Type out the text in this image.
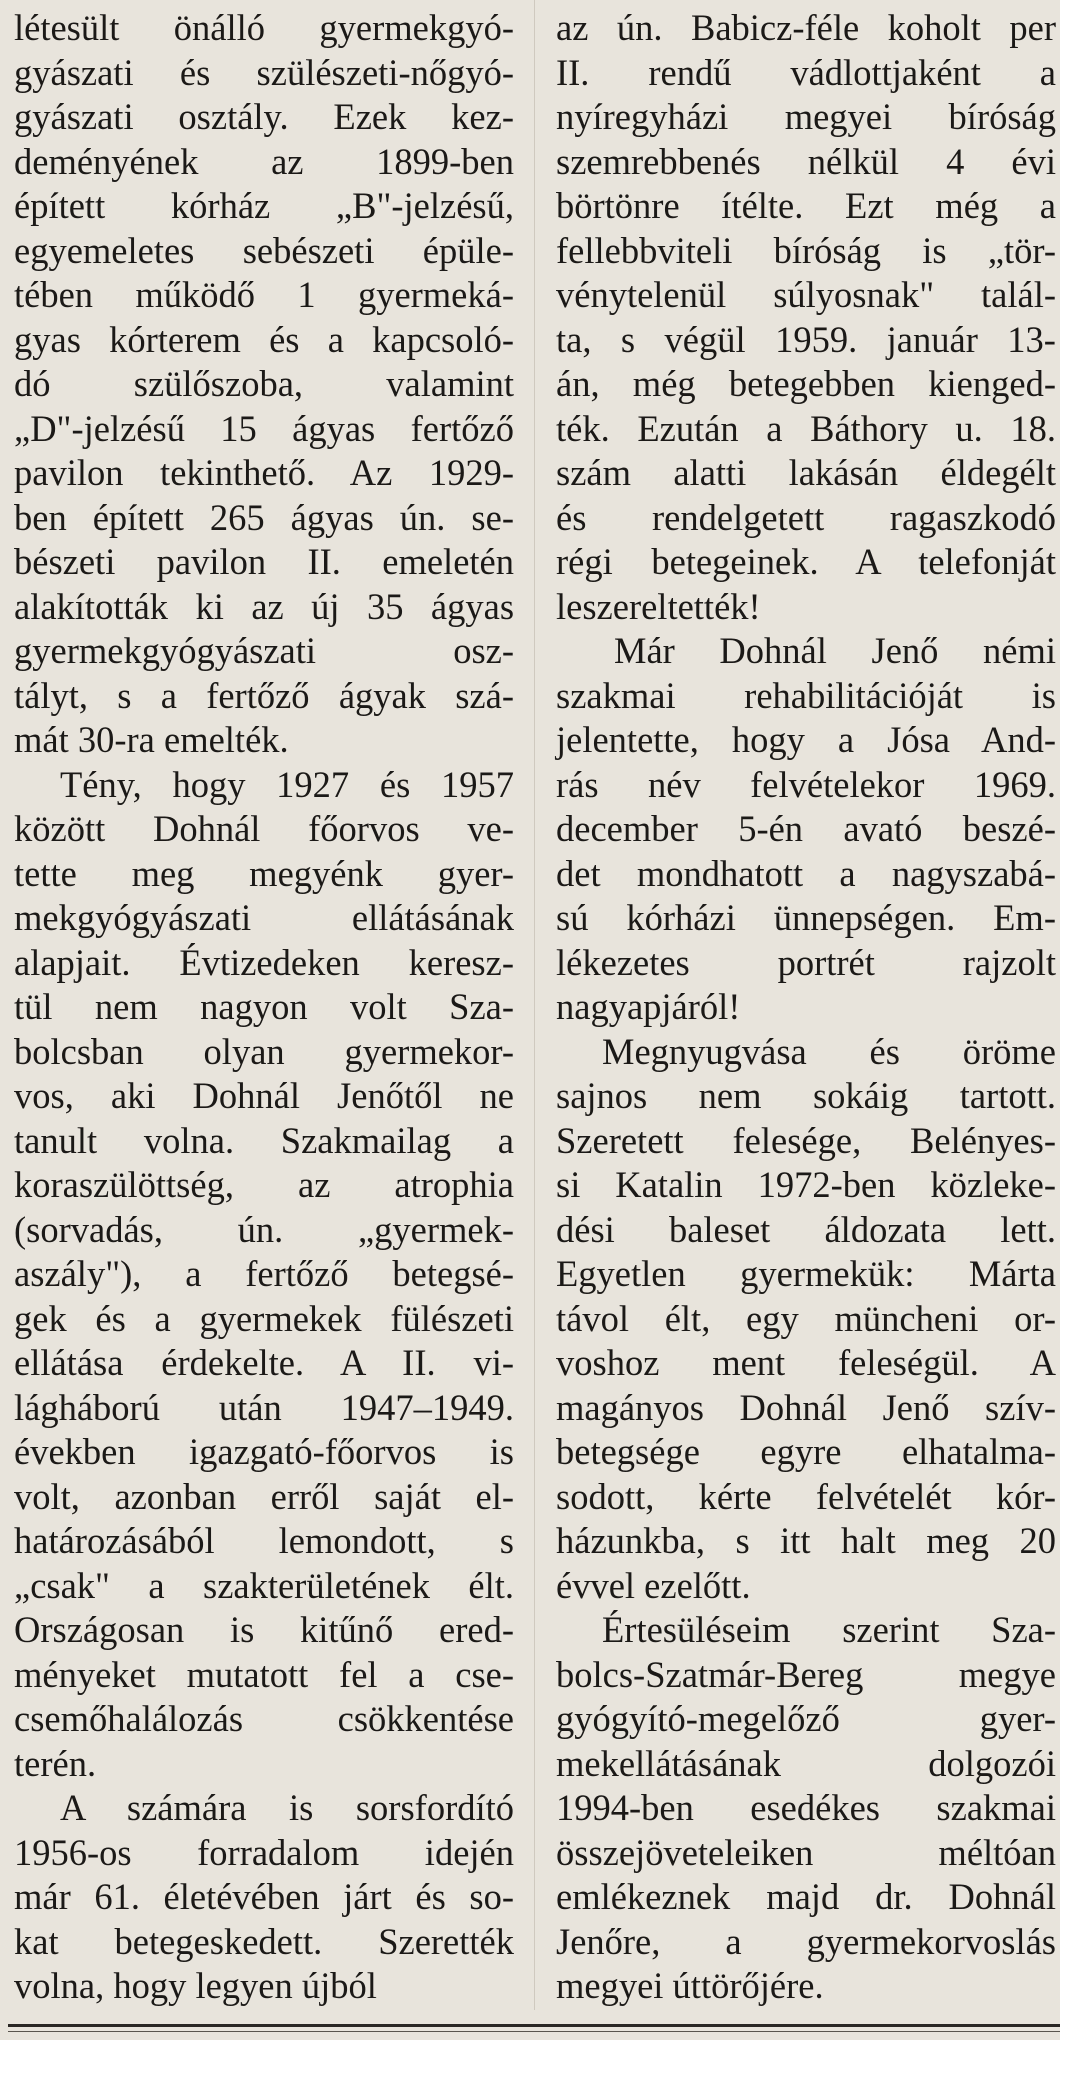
létesült önálló gyermekgyó-
gyászati és szülészeti-nőgyó-
gyászati osztály. Ezek kez-
deményének az 1899-ben
épített kórház „B"-jelzésű,
egyemeletes sebészeti épüle-
tében működő 1 gyermeká-
gyas kórterem és a kapcsoló-
dó szülőszoba, valamint
„D"-jelzésű 15 ágyas fertőző
pavilon tekinthető. Az 1929-
ben épített 265 ágyas ún. se-
bészeti pavilon II. emeletén
alakították ki az új 35 ágyas
gyermekgyógyászati osz-
tályt, s a fertőző ágyak szá-
mát 30-ra emelték.
Tény, hogy 1927 és 1957
között Dohnál főorvos ve-
tette meg megyénk gyer-
mekgyógyászati ellátásának
alapjait. Évtizedeken keresz-
tül nem nagyon volt Sza-
bolcsban olyan gyermekor-
vos, aki Dohnál Jenőtől ne
tanult volna. Szakmailag a
koraszülöttség, az atrophia
(sorvadás, ún. „gyermek-
aszály"), a fertőző betegsé-
gek és a gyermekek fülészeti
ellátása érdekelte. A II. vi-
lágháború után 1947–1949.
években igazgató-főorvos is
volt, azonban erről saját el-
határozásából lemondott, s
„csak" a szakterületének élt.
Országosan is kitűnő ered-
ményeket mutatott fel a cse-
csemőhalálozás csökkentése
terén.
A számára is sorsfordító
1956-os forradalom idején
már 61. életévében járt és so-
kat betegeskedett. Szerették
volna, hogy legyen újból
az ún. Babicz-féle koholt per
II. rendű vádlottjaként a
nyíregyházi megyei bíróság
szemrebbenés nélkül 4 évi
börtönre ítélte. Ezt még a
fellebbviteli bíróság is „tör-
vénytelenül súlyosnak" talál-
ta, s végül 1959. január 13-
án, még betegebben kienged-
ték. Ezután a Báthory u. 18.
szám alatti lakásán éldegélt
és rendelgetett ragaszkodó
régi betegeinek. A telefonját
leszereltették!
Már Dohnál Jenő némi
szakmai rehabilitációját is
jelentette, hogy a Jósa And-
rás név felvételekor 1969.
december 5-én avató beszé-
det mondhatott a nagyszabá-
sú kórházi ünnepségen. Em-
lékezetes portrét rajzolt
nagyapjáról!
Megnyugvása és öröme
sajnos nem sokáig tartott.
Szeretett felesége, Belényes-
si Katalin 1972-ben közleke-
dési baleset áldozata lett.
Egyetlen gyermekük: Márta
távol élt, egy müncheni or-
voshoz ment feleségül. A
magányos Dohnál Jenő szív-
betegsége egyre elhatalma-
sodott, kérte felvételét kór-
házunkba, s itt halt meg 20
évvel ezelőtt.
Értesüléseim szerint Sza-
bolcs-Szatmár-Bereg megye
gyógyító-megelőző gyer-
mekellátásának dolgozói
1994-ben esedékes szakmai
összejöveteleiken méltóan
emlékeznek majd dr. Dohnál
Jenőre, a gyermekorvoslás
megyei úttörőjére.
